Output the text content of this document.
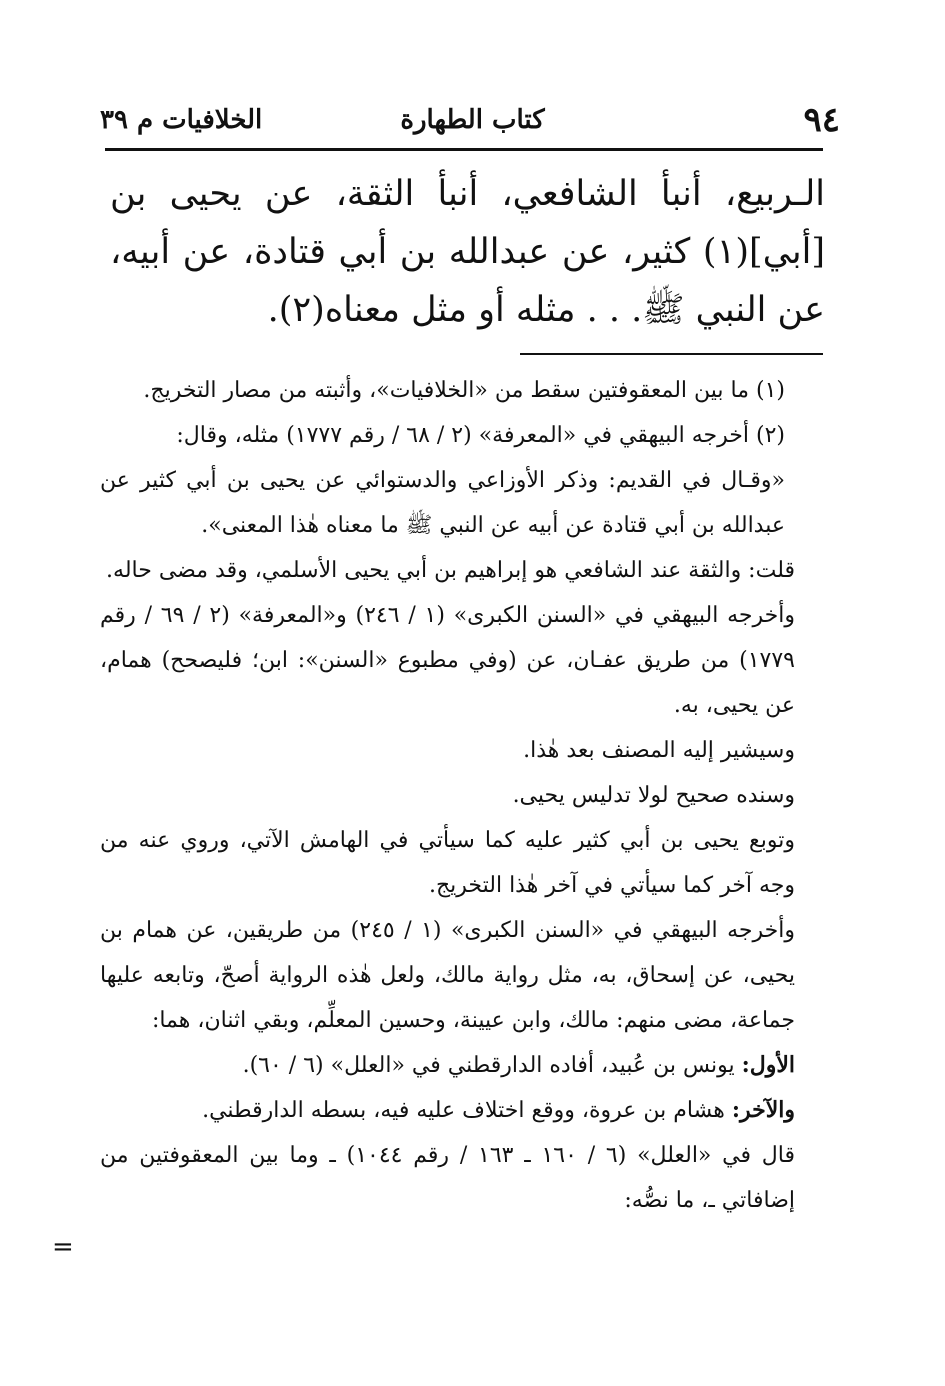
٩٤
كتاب الطهارة
الخلافيات م ٣٩

الـربيع، أنبأ الشافعي، أنبأ الثقة، عن يحيى بن [أبي](١) كثير، عن عبدالله بن أبي قتادة، عن أبيه، عن النبي ﷺ. . . مثله أو مثل معناه(٢).

(١) ما بين المعقوفتين سقط من «الخلافيات»، وأثبته من مصار التخريج.

(٢) أخرجه البيهقي في «المعرفة» (٢ / ٦٨ / رقم ١٧٧٧) مثله، وقال:

«وقـال في القديم: وذكر الأوزاعي والدستوائي عن يحيى بن أبي كثير عن عبدالله بن أبي قتادة عن أبيه عن النبي ﷺ ما معناه هٰذا المعنى».

قلت: والثقة عند الشافعي هو إبراهيم بن أبي يحيى الأسلمي، وقد مضى حاله.

وأخرجه البيهقي في «السنن الكبرى» (١ / ٢٤٦) و«المعرفة» (٢ / ٦٩ / رقم ١٧٧٩) من طريق عفـان، عن (وفي مطبوع «السنن»: ابن؛ فليصحح) همام، عن يحيى، به.

وسيشير إليه المصنف بعد هٰذا.

وسنده صحيح لولا تدليس يحيى.

وتوبع يحيى بن أبي كثير عليه كما سيأتي في الهامش الآتي، وروي عنه من وجه آخر كما سيأتي في آخر هٰذا التخريج.

وأخرجه البيهقي في «السنن الكبرى» (١ / ٢٤٥) من طريقين، عن همام بن يحيى، عن إسحاق، به، مثل رواية مالك، ولعل هٰذه الرواية أصحّ، وتابعه عليها جماعة، مضى منهم: مالك، وابن عيينة، وحسين المعلِّم، وبقي اثنان، هما:

الأول: يونس بن عُبيد، أفاده الدارقطني في «العلل» (٦ / ٦٠).

والآخر: هشام بن عروة، ووقع اختلاف عليه فيه، بسطه الدارقطني.

قال في «العلل» (٦ / ١٦٠ ـ ١٦٣ / رقم ١٠٤٤) ـ وما بين المعقوفتين من إضافاتي ـ، ما نصُّه:

=
